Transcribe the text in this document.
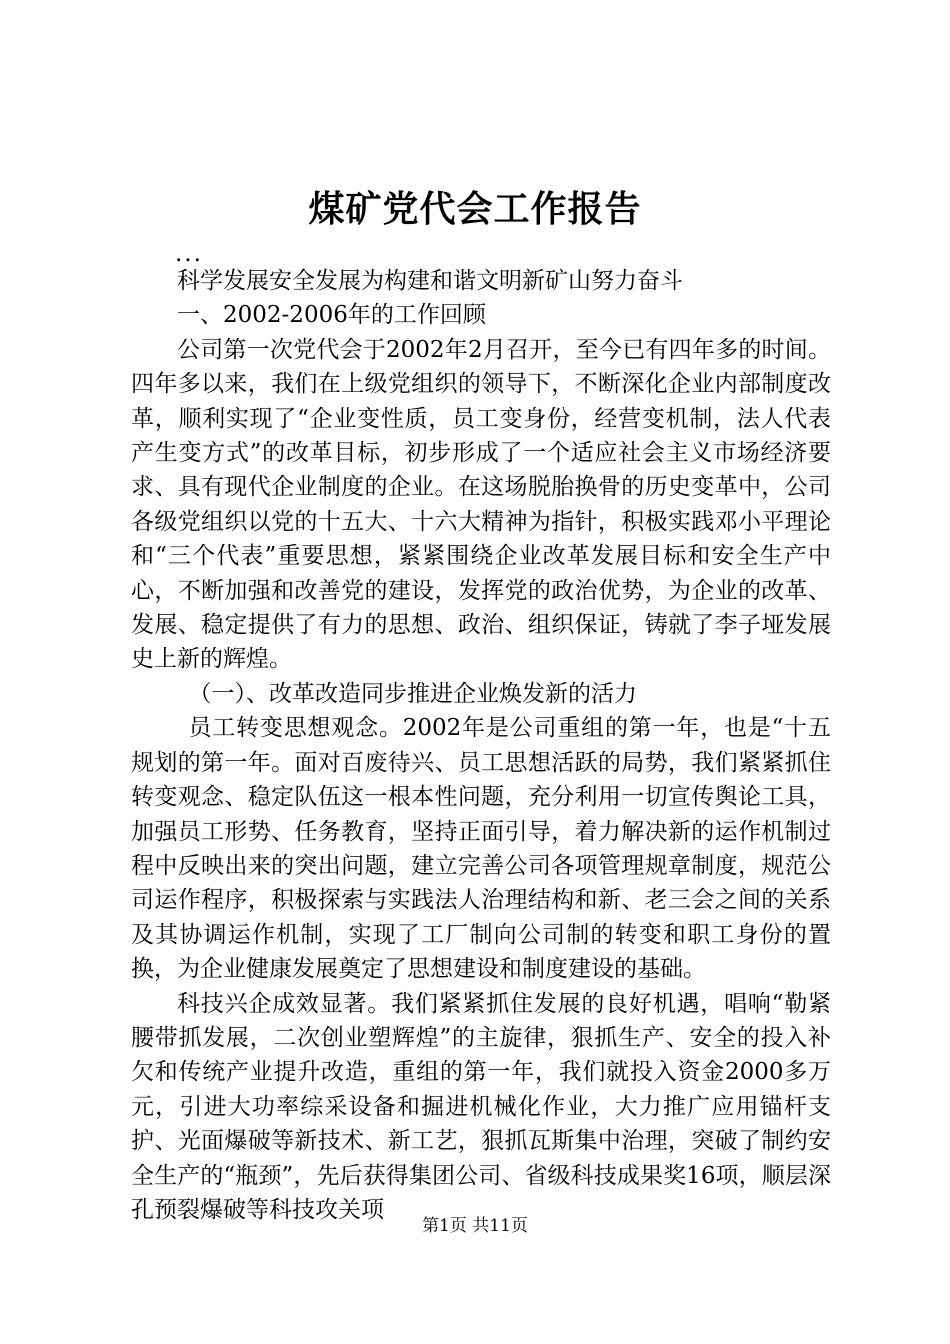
煤矿党代会工作报告

...

科学发展安全发展为构建和谐文明新矿山努力奋斗

一、2002-2006年的工作回顾

公司第一次党代会于2002年2月召开，至今已有四年多的时间。四年多以来，我们在上级党组织的领导下，不断深化企业内部制度改革，顺利实现了“企业变性质，员工变身份，经营变机制，法人代表产生变方式”的改革目标，初步形成了一个适应社会主义市场经济要求、具有现代企业制度的企业。在这场脱胎换骨的历史变革中，公司各级党组织以党的十五大、十六大精神为指针，积极实践邓小平理论和“三个代表”重要思想，紧紧围绕企业改革发展目标和安全生产中心，不断加强和改善党的建设，发挥党的政治优势，为企业的改革、发展、稳定提供了有力的思想、政治、组织保证，铸就了李子垭发展史上新的辉煌。

（一）、改革改造同步推进企业焕发新的活力

员工转变思想观念。2002年是公司重组的第一年，也是“十五规划的第一年。面对百废待兴、员工思想活跃的局势，我们紧紧抓住转变观念、稳定队伍这一根本性问题，充分利用一切宣传舆论工具，加强员工形势、任务教育，坚持正面引导，着力解决新的运作机制过程中反映出来的突出问题，建立完善公司各项管理规章制度，规范公司运作程序，积极探索与实践法人治理结构和新、老三会之间的关系及其协调运作机制，实现了工厂制向公司制的转变和职工身份的置换，为企业健康发展奠定了思想建设和制度建设的基础。

科技兴企成效显著。我们紧紧抓住发展的良好机遇，唱响“勒紧腰带抓发展，二次创业塑辉煌”的主旋律，狠抓生产、安全的投入补欠和传统产业提升改造，重组的第一年，我们就投入资金2000多万元，引进大功率综采设备和掘进机械化作业，大力推广应用锚杆支护、光面爆破等新技术、新工艺，狠抓瓦斯集中治理，突破了制约安全生产的“瓶颈”，先后获得集团公司、省级科技成果奖16项，顺层深孔预裂爆破等科技攻关项

第1页 共11页
